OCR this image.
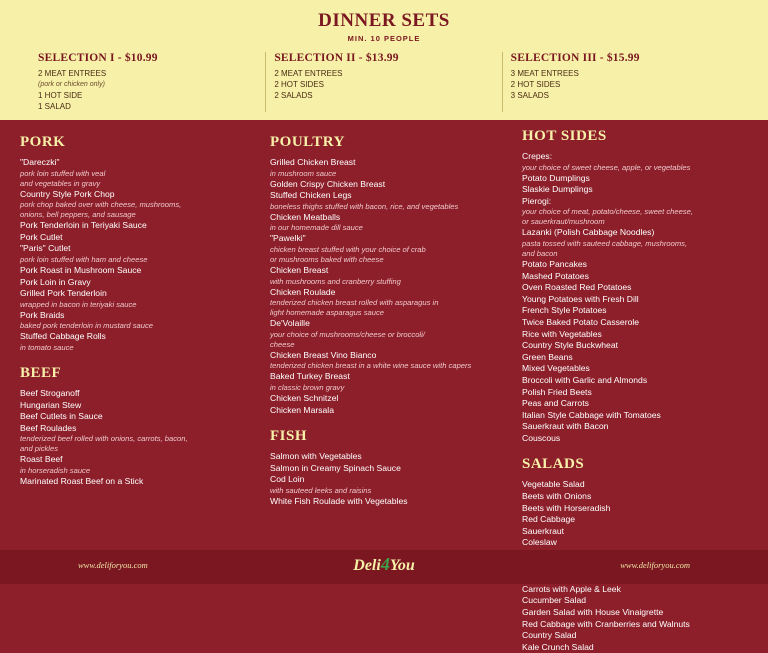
DINNER SETS
MIN. 10 PEOPLE
SELECTION I - $10.99
2 MEAT ENTREES
(pork or chicken only)
1 HOT SIDE
1 SALAD
SELECTION II - $13.99
2 MEAT ENTREES
2 HOT SIDES
2 SALADS
SELECTION III - $15.99
3 MEAT ENTREES
2 HOT SIDES
3 SALADS
PORK
"Dareczki"
pork loin stuffed with veal
and vegetables in gravy
Country Style Pork Chop
pork chop baked over with cheese, mushrooms,
onions, bell peppers, and sausage
Pork Tenderloin in Teriyaki Sauce
Pork Cutlet
"Paris" Cutlet
pork loin stuffed with ham and cheese
Pork Roast in Mushroom Sauce
Pork Loin in Gravy
Grilled Pork Tenderloin
wrapped in bacon in teriyaki sauce
Pork Braids
baked pork tenderloin in mustard sauce
Stuffed Cabbage Rolls
in tomato sauce
BEEF
Beef Stroganoff
Hungarian Stew
Beef Cutlets in Sauce
Beef Roulades
tenderized beef rolled with onions, carrots, bacon,
and pickles
Roast Beef
in horseradish sauce
Marinated Roast Beef on a Stick
POULTRY
Grilled Chicken Breast
in mushroom sauce
Golden Crispy Chicken Breast
Stuffed Chicken Legs
boneless thighs stuffed with bacon, rice, and vegetables
Chicken Meatballs
in our homemade dill sauce
"Pawelki"
chicken breast stuffed with your choice of crab
or mushrooms baked with cheese
Chicken Breast
with mushrooms and cranberry stuffing
Chicken Roulade
tenderized chicken breast rolled with asparagus in
light homemade asparagus sauce
De'Volaille
your choice of mushrooms/cheese or broccoli/
cheese
Chicken Breast Vino Bianco
tenderized chicken breast in a white wine sauce with capers
Baked Turkey Breast
in classic brown gravy
Chicken Schnitzel
Chicken Marsala
FISH
Salmon with Vegetables
Salmon in Creamy Spinach Sauce
Cod Loin
with sauteed leeks and raisins
White Fish Roulade with Vegetables
HOT SIDES
Crepes:
your choice of sweet cheese, apple, or vegetables
Potato Dumplings
Slaskie Dumplings
Pierogi:
your choice of meat, potato/cheese, sweet cheese,
or sauerkraut/mushroom
Lazanki (Polish Cabbage Noodles)
pasta tossed with sauteed cabbage, mushrooms,
and bacon
Potato Pancakes
Mashed Potatoes
Oven Roasted Red Potatoes
Young Potatoes with Fresh Dill
French Style Potatoes
Twice Baked Potato Casserole
Rice with Vegetables
Country Style Buckwheat
Green Beans
Mixed Vegetables
Broccoli with Garlic and Almonds
Polish Fried Beets
Peas and Carrots
Italian Style Cabbage with Tomatoes
Sauerkraut with Bacon
Couscous
SALADS
Vegetable Salad
Beets with Onions
Beets with Horseradish
Red Cabbage
Sauerkraut
Coleslaw
Carrots with Apple & Leek
Cucumber Salad
Garden Salad with House Vinaigrette
Red Cabbage with Cranberries and Walnuts
Country Salad
Kale Crunch Salad
www.deliforyou.com	Deli4You	www.deliforyou.com
